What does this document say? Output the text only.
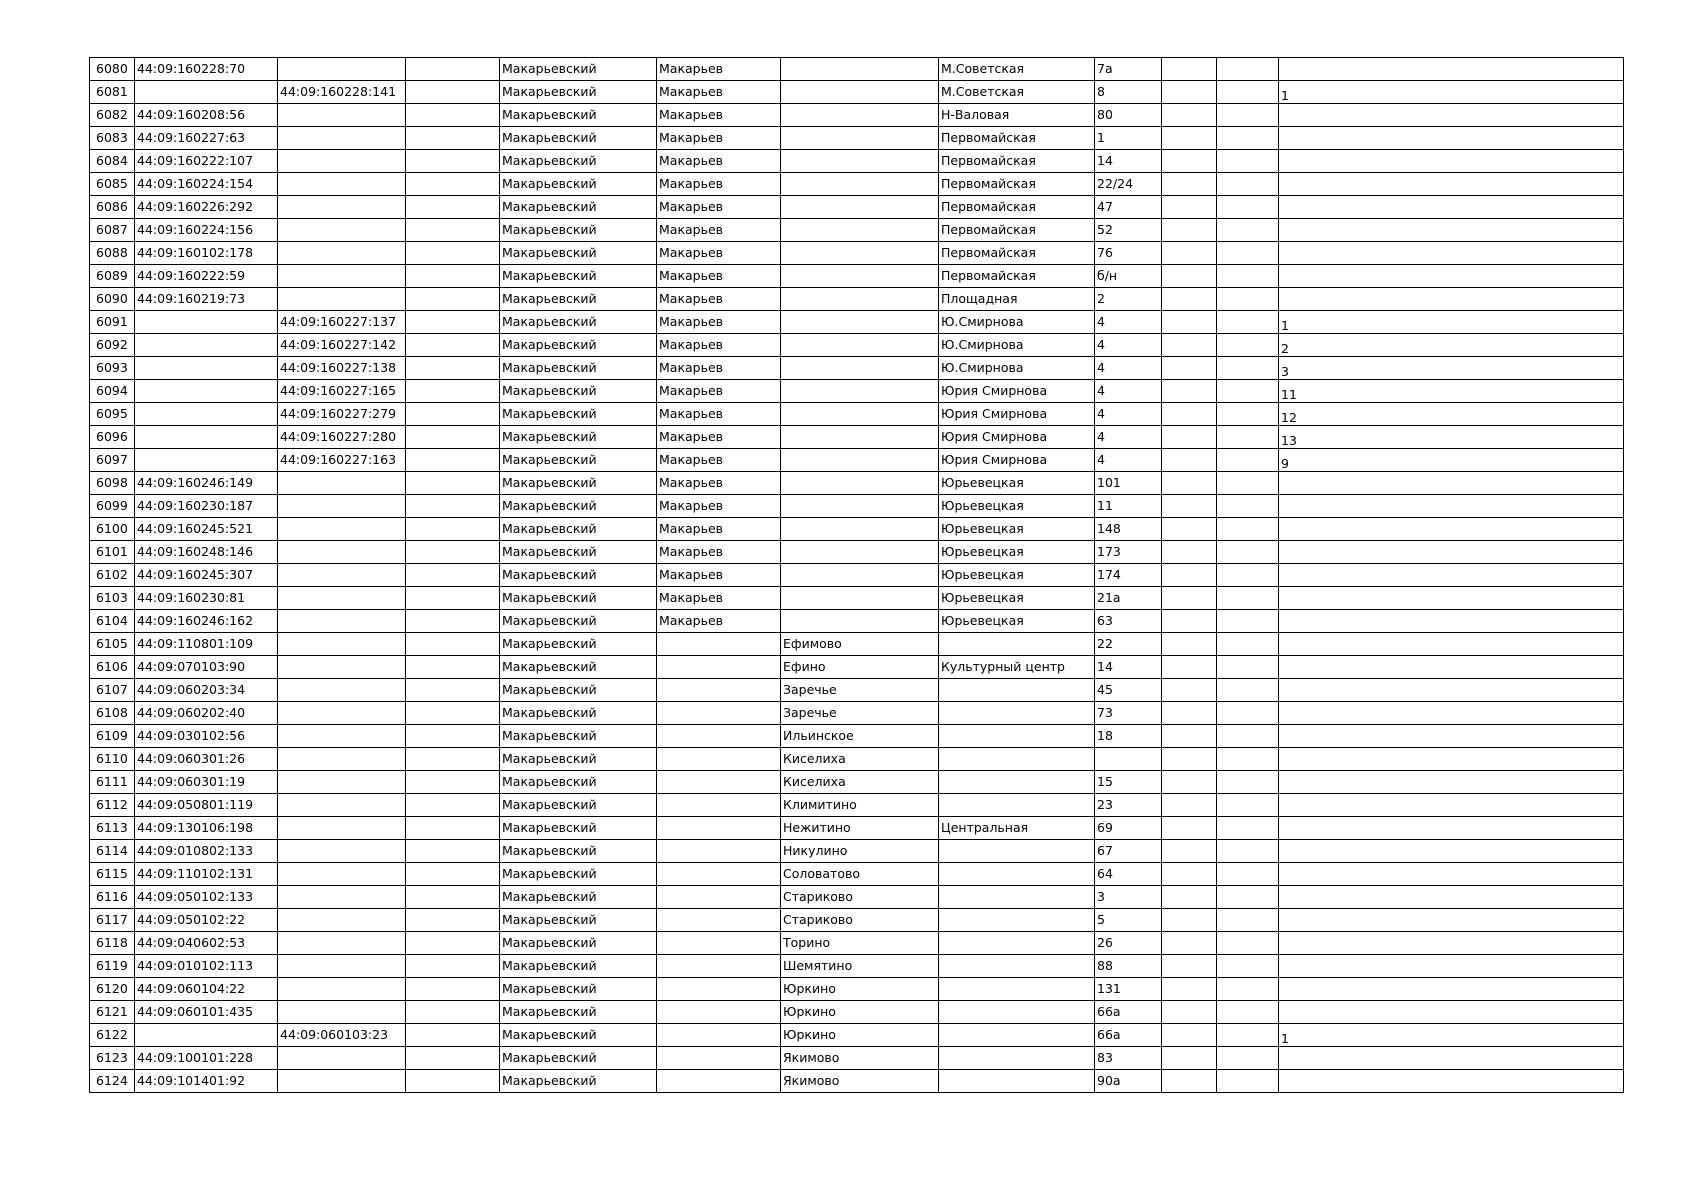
6080	44:09:160228:70			Макарьевский	Макарьев		М.Советская	7а			
6081		44:09:160228:141		Макарьевский	Макарьев		М.Советская	8			1
6082	44:09:160208:56			Макарьевский	Макарьев		Н-Валовая	80			
6083	44:09:160227:63			Макарьевский	Макарьев		Первомайская	1			
6084	44:09:160222:107			Макарьевский	Макарьев		Первомайская	14			
6085	44:09:160224:154			Макарьевский	Макарьев		Первомайская	22/24			
6086	44:09:160226:292			Макарьевский	Макарьев		Первомайская	47			
6087	44:09:160224:156			Макарьевский	Макарьев		Первомайская	52			
6088	44:09:160102:178			Макарьевский	Макарьев		Первомайская	76			
6089	44:09:160222:59			Макарьевский	Макарьев		Первомайская	б/н			
6090	44:09:160219:73			Макарьевский	Макарьев		Площадная	2			
6091		44:09:160227:137		Макарьевский	Макарьев		Ю.Смирнова	4			1
6092		44:09:160227:142		Макарьевский	Макарьев		Ю.Смирнова	4			2
6093		44:09:160227:138		Макарьевский	Макарьев		Ю.Смирнова	4			3
6094		44:09:160227:165		Макарьевский	Макарьев		Юрия Смирнова	4			11
6095		44:09:160227:279		Макарьевский	Макарьев		Юрия Смирнова	4			12
6096		44:09:160227:280		Макарьевский	Макарьев		Юрия Смирнова	4			13
6097		44:09:160227:163		Макарьевский	Макарьев		Юрия Смирнова	4			9
6098	44:09:160246:149			Макарьевский	Макарьев		Юрьевецкая	101			
6099	44:09:160230:187			Макарьевский	Макарьев		Юрьевецкая	11			
6100	44:09:160245:521			Макарьевский	Макарьев		Юрьевецкая	148			
6101	44:09:160248:146			Макарьевский	Макарьев		Юрьевецкая	173			
6102	44:09:160245:307			Макарьевский	Макарьев		Юрьевецкая	174			
6103	44:09:160230:81			Макарьевский	Макарьев		Юрьевецкая	21а			
6104	44:09:160246:162			Макарьевский	Макарьев		Юрьевецкая	63			
6105	44:09:110801:109			Макарьевский		Ефимово		22			
6106	44:09:070103:90			Макарьевский		Ефино	Культурный центр	14			
6107	44:09:060203:34			Макарьевский		Заречье		45			
6108	44:09:060202:40			Макарьевский		Заречье		73			
6109	44:09:030102:56			Макарьевский		Ильинское		18			
6110	44:09:060301:26			Макарьевский		Киселиха					
6111	44:09:060301:19			Макарьевский		Киселиха		15			
6112	44:09:050801:119			Макарьевский		Климитино		23			
6113	44:09:130106:198			Макарьевский		Нежитино	Центральная	69			
6114	44:09:010802:133			Макарьевский		Никулино		67			
6115	44:09:110102:131			Макарьевский		Соловатово		64			
6116	44:09:050102:133			Макарьевский		Стариково		3			
6117	44:09:050102:22			Макарьевский		Стариково		5			
6118	44:09:040602:53			Макарьевский		Торино		26			
6119	44:09:010102:113			Макарьевский		Шемятино		88			
6120	44:09:060104:22			Макарьевский		Юркино		131			
6121	44:09:060101:435			Макарьевский		Юркино		66а			
6122		44:09:060103:23		Макарьевский		Юркино		66а			1
6123	44:09:100101:228			Макарьевский		Якимово		83			
6124	44:09:101401:92			Макарьевский		Якимово		90а			
